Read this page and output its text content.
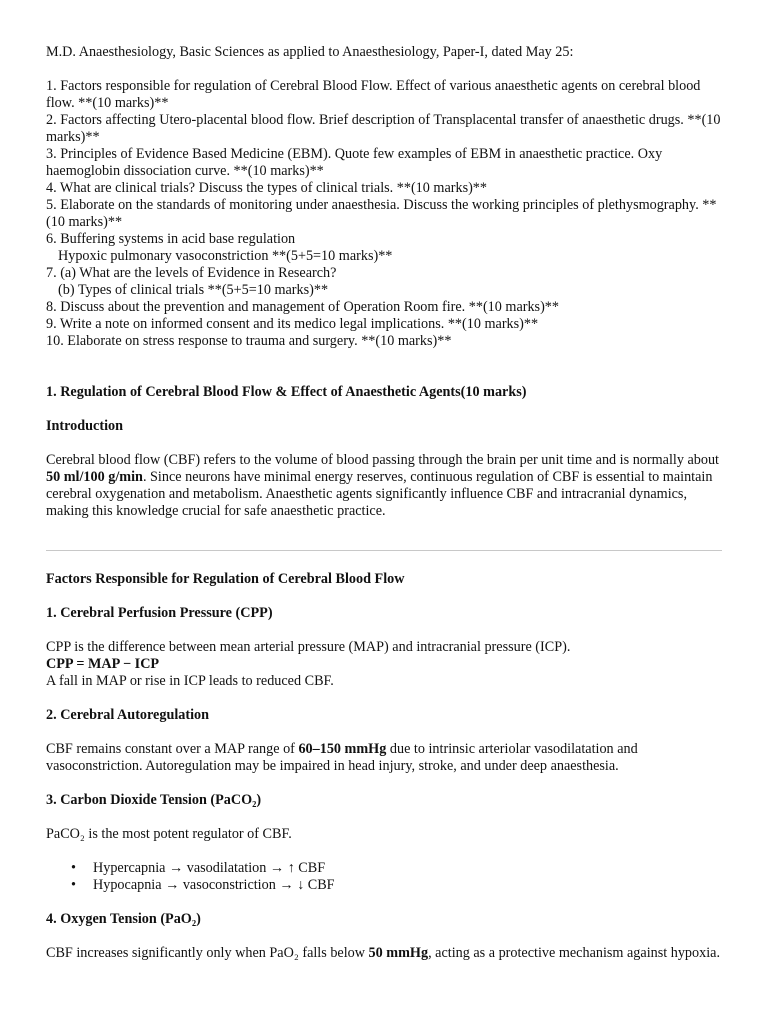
M.D. Anaesthesiology, Basic Sciences as applied to Anaesthesiology, Paper-I, dated May 25:

1. Factors responsible for regulation of Cerebral Blood Flow. Effect of various anaesthetic agents on cerebral blood flow. **(10 marks)**

2. Factors affecting Utero-placental blood flow. Brief description of Transplacental transfer of anaesthetic drugs. **(10 marks)**

3. Principles of Evidence Based Medicine (EBM). Quote few examples of EBM in anaesthetic practice. Oxy haemoglobin dissociation curve. **(10 marks)**

4. What are clinical trials? Discuss the types of clinical trials. **(10 marks)**

5. Elaborate on the standards of monitoring under anaesthesia. Discuss the working principles of plethysmography. **(10 marks)**

6. Buffering systems in acid base regulation

Hypoxic pulmonary vasoconstriction **(5+5=10 marks)**

7. (a) What are the levels of Evidence in Research?

(b) Types of clinical trials **(5+5=10 marks)**

8. Discuss about the prevention and management of Operation Room fire. **(10 marks)**

9. Write a note on informed consent and its medico legal implications. **(10 marks)**

10. Elaborate on stress response to trauma and surgery. **(10 marks)**

1. Regulation of Cerebral Blood Flow & Effect of Anaesthetic Agents(10 marks)

Introduction

Cerebral blood flow (CBF) refers to the volume of blood passing through the brain per unit time and is normally about 50 ml/100 g/min. Since neurons have minimal energy reserves, continuous regulation of CBF is essential to maintain cerebral oxygenation and metabolism. Anaesthetic agents significantly influence CBF and intracranial dynamics, making this knowledge crucial for safe anaesthetic practice.

Factors Responsible for Regulation of Cerebral Blood Flow

1. Cerebral Perfusion Pressure (CPP)

CPP is the difference between mean arterial pressure (MAP) and intracranial pressure (ICP).

CPP = MAP − ICP

A fall in MAP or rise in ICP leads to reduced CBF.

2. Cerebral Autoregulation

CBF remains constant over a MAP range of 60–150 mmHg due to intrinsic arteriolar vasodilatation and vasoconstriction. Autoregulation may be impaired in head injury, stroke, and under deep anaesthesia.

3. Carbon Dioxide Tension (PaCO₂)

PaCO₂ is the most potent regulator of CBF.

• Hypercapnia → vasodilatation → ↑ CBF
• Hypocapnia → vasoconstriction → ↓ CBF

4. Oxygen Tension (PaO₂)

CBF increases significantly only when PaO₂ falls below 50 mmHg, acting as a protective mechanism against hypoxia.
